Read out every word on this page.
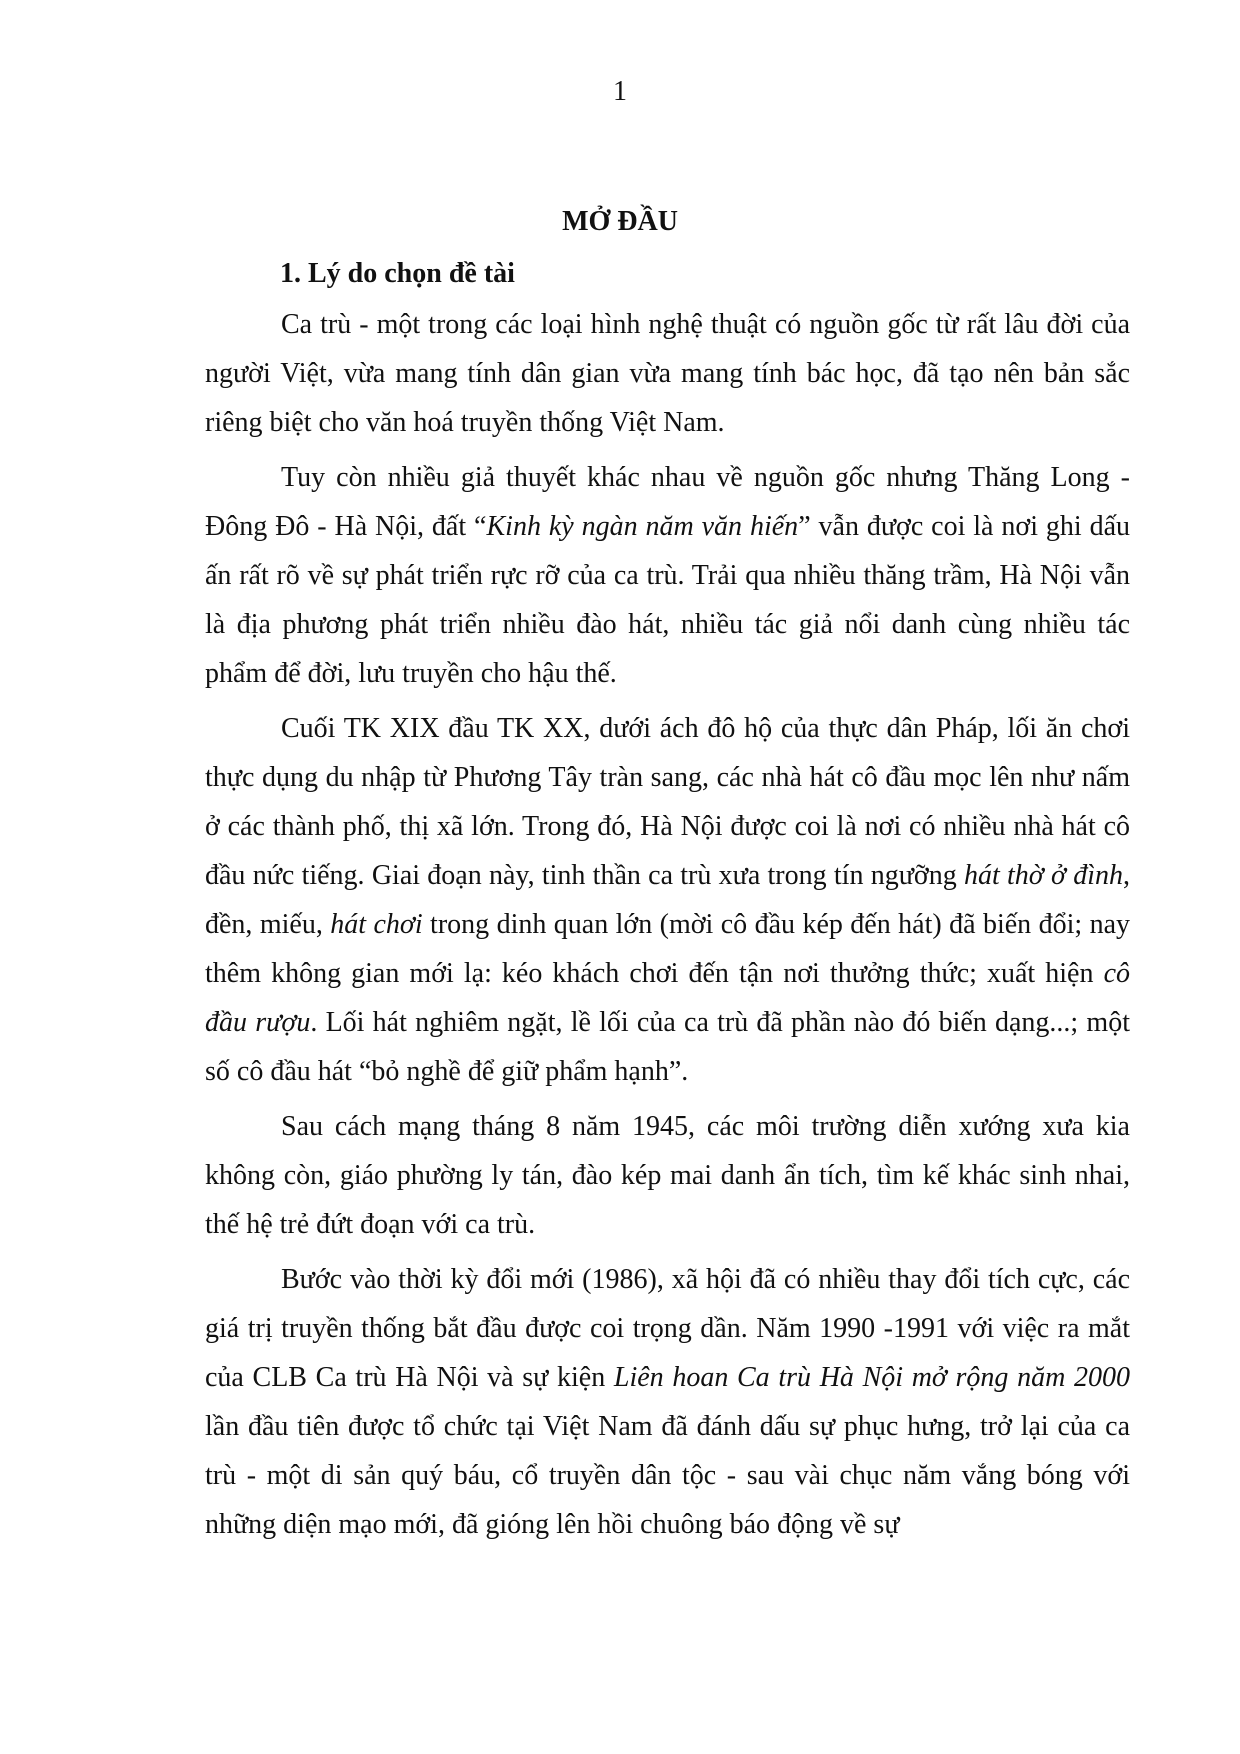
1
MỞ ĐẦU
1. Lý do chọn đề tài

Ca trù - một trong các loại hình nghệ thuật có nguồn gốc từ rất lâu đời của người Việt, vừa mang tính dân gian vừa mang tính bác học, đã tạo nên bản sắc riêng biệt cho văn hoá truyền thống Việt Nam.

Tuy còn nhiều giả thuyết khác nhau về nguồn gốc nhưng Thăng Long - Đông Đô - Hà Nội, đất “Kinh kỳ ngàn năm văn hiến” vẫn được coi là nơi ghi dấu ấn rất rõ về sự phát triển rực rỡ của ca trù. Trải qua nhiều thăng trầm, Hà Nội vẫn là địa phương phát triển nhiều đào hát, nhiều tác giả nổi danh cùng nhiều tác phẩm để đời, lưu truyền cho hậu thế.

Cuối TK XIX đầu TK XX, dưới ách đô hộ của thực dân Pháp, lối ăn chơi thực dụng du nhập từ Phương Tây tràn sang, các nhà hát cô đầu mọc lên như nấm ở các thành phố, thị xã lớn. Trong đó, Hà Nội được coi là nơi có nhiều nhà hát cô đầu nức tiếng. Giai đoạn này, tinh thần ca trù xưa trong tín ngưỡng hát thờ ở đình, đền, miếu, hát chơi trong dinh quan lớn (mời cô đầu kép đến hát) đã biến đổi; nay thêm không gian mới lạ: kéo khách chơi đến tận nơi thưởng thức; xuất hiện cô đầu rượu. Lối hát nghiêm ngặt, lề lối của ca trù đã phần nào đó biến dạng...; một số cô đầu hát “bỏ nghề để giữ phẩm hạnh”.

Sau cách mạng tháng 8 năm 1945, các môi trường diễn xướng xưa kia không còn, giáo phường ly tán, đào kép mai danh ẩn tích, tìm kế khác sinh nhai, thế hệ trẻ đứt đoạn với ca trù.

Bước vào thời kỳ đổi mới (1986), xã hội đã có nhiều thay đổi tích cực, các giá trị truyền thống bắt đầu được coi trọng dần. Năm 1990 -1991 với việc ra mắt của CLB Ca trù Hà Nội và sự kiện Liên hoan Ca trù Hà Nội mở rộng năm 2000 lần đầu tiên được tổ chức tại Việt Nam đã đánh dấu sự phục hưng, trở lại của ca trù - một di sản quý báu, cổ truyền dân tộc - sau vài chục năm vắng bóng với những diện mạo mới, đã gióng lên hồi chuông báo động về sự
